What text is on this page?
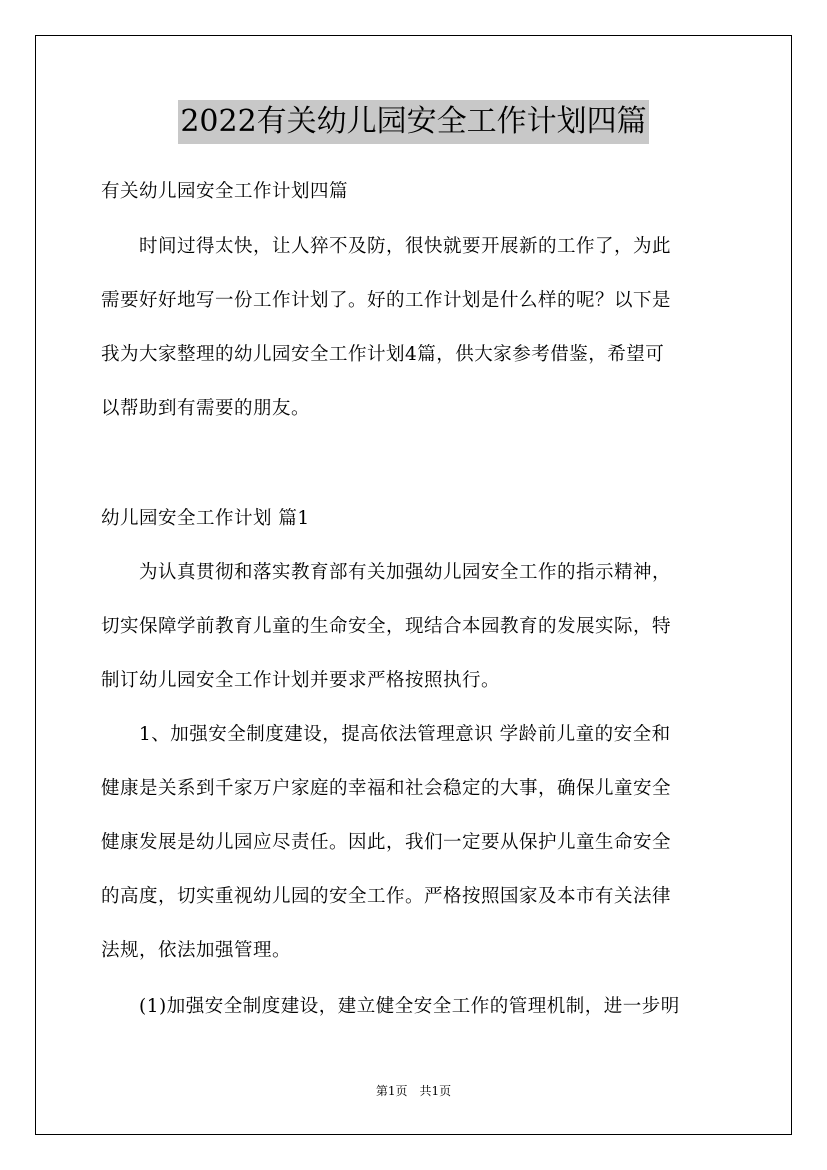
2022有关幼儿园安全工作计划四篇
有关幼儿园安全工作计划四篇
　　时间过得太快，让人猝不及防，很快就要开展新的工作了，为此
需要好好地写一份工作计划了。好的工作计划是什么样的呢？以下是
我为大家整理的幼儿园安全工作计划4篇，供大家参考借鉴，希望可
以帮助到有需要的朋友。
幼儿园安全工作计划 篇1
　　为认真贯彻和落实教育部有关加强幼儿园安全工作的指示精神，
切实保障学前教育儿童的生命安全，现结合本园教育的发展实际，特
制订幼儿园安全工作计划并要求严格按照执行。
　　1、加强安全制度建设，提高依法管理意识 学龄前儿童的安全和
健康是关系到千家万户家庭的幸福和社会稳定的大事，确保儿童安全
健康发展是幼儿园应尽责任。因此，我们一定要从保护儿童生命安全
的高度，切实重视幼儿园的安全工作。严格按照国家及本市有关法律
法规，依法加强管理。
　　(1)加强安全制度建设，建立健全安全工作的管理机制，进一步明
第1页　共1页
